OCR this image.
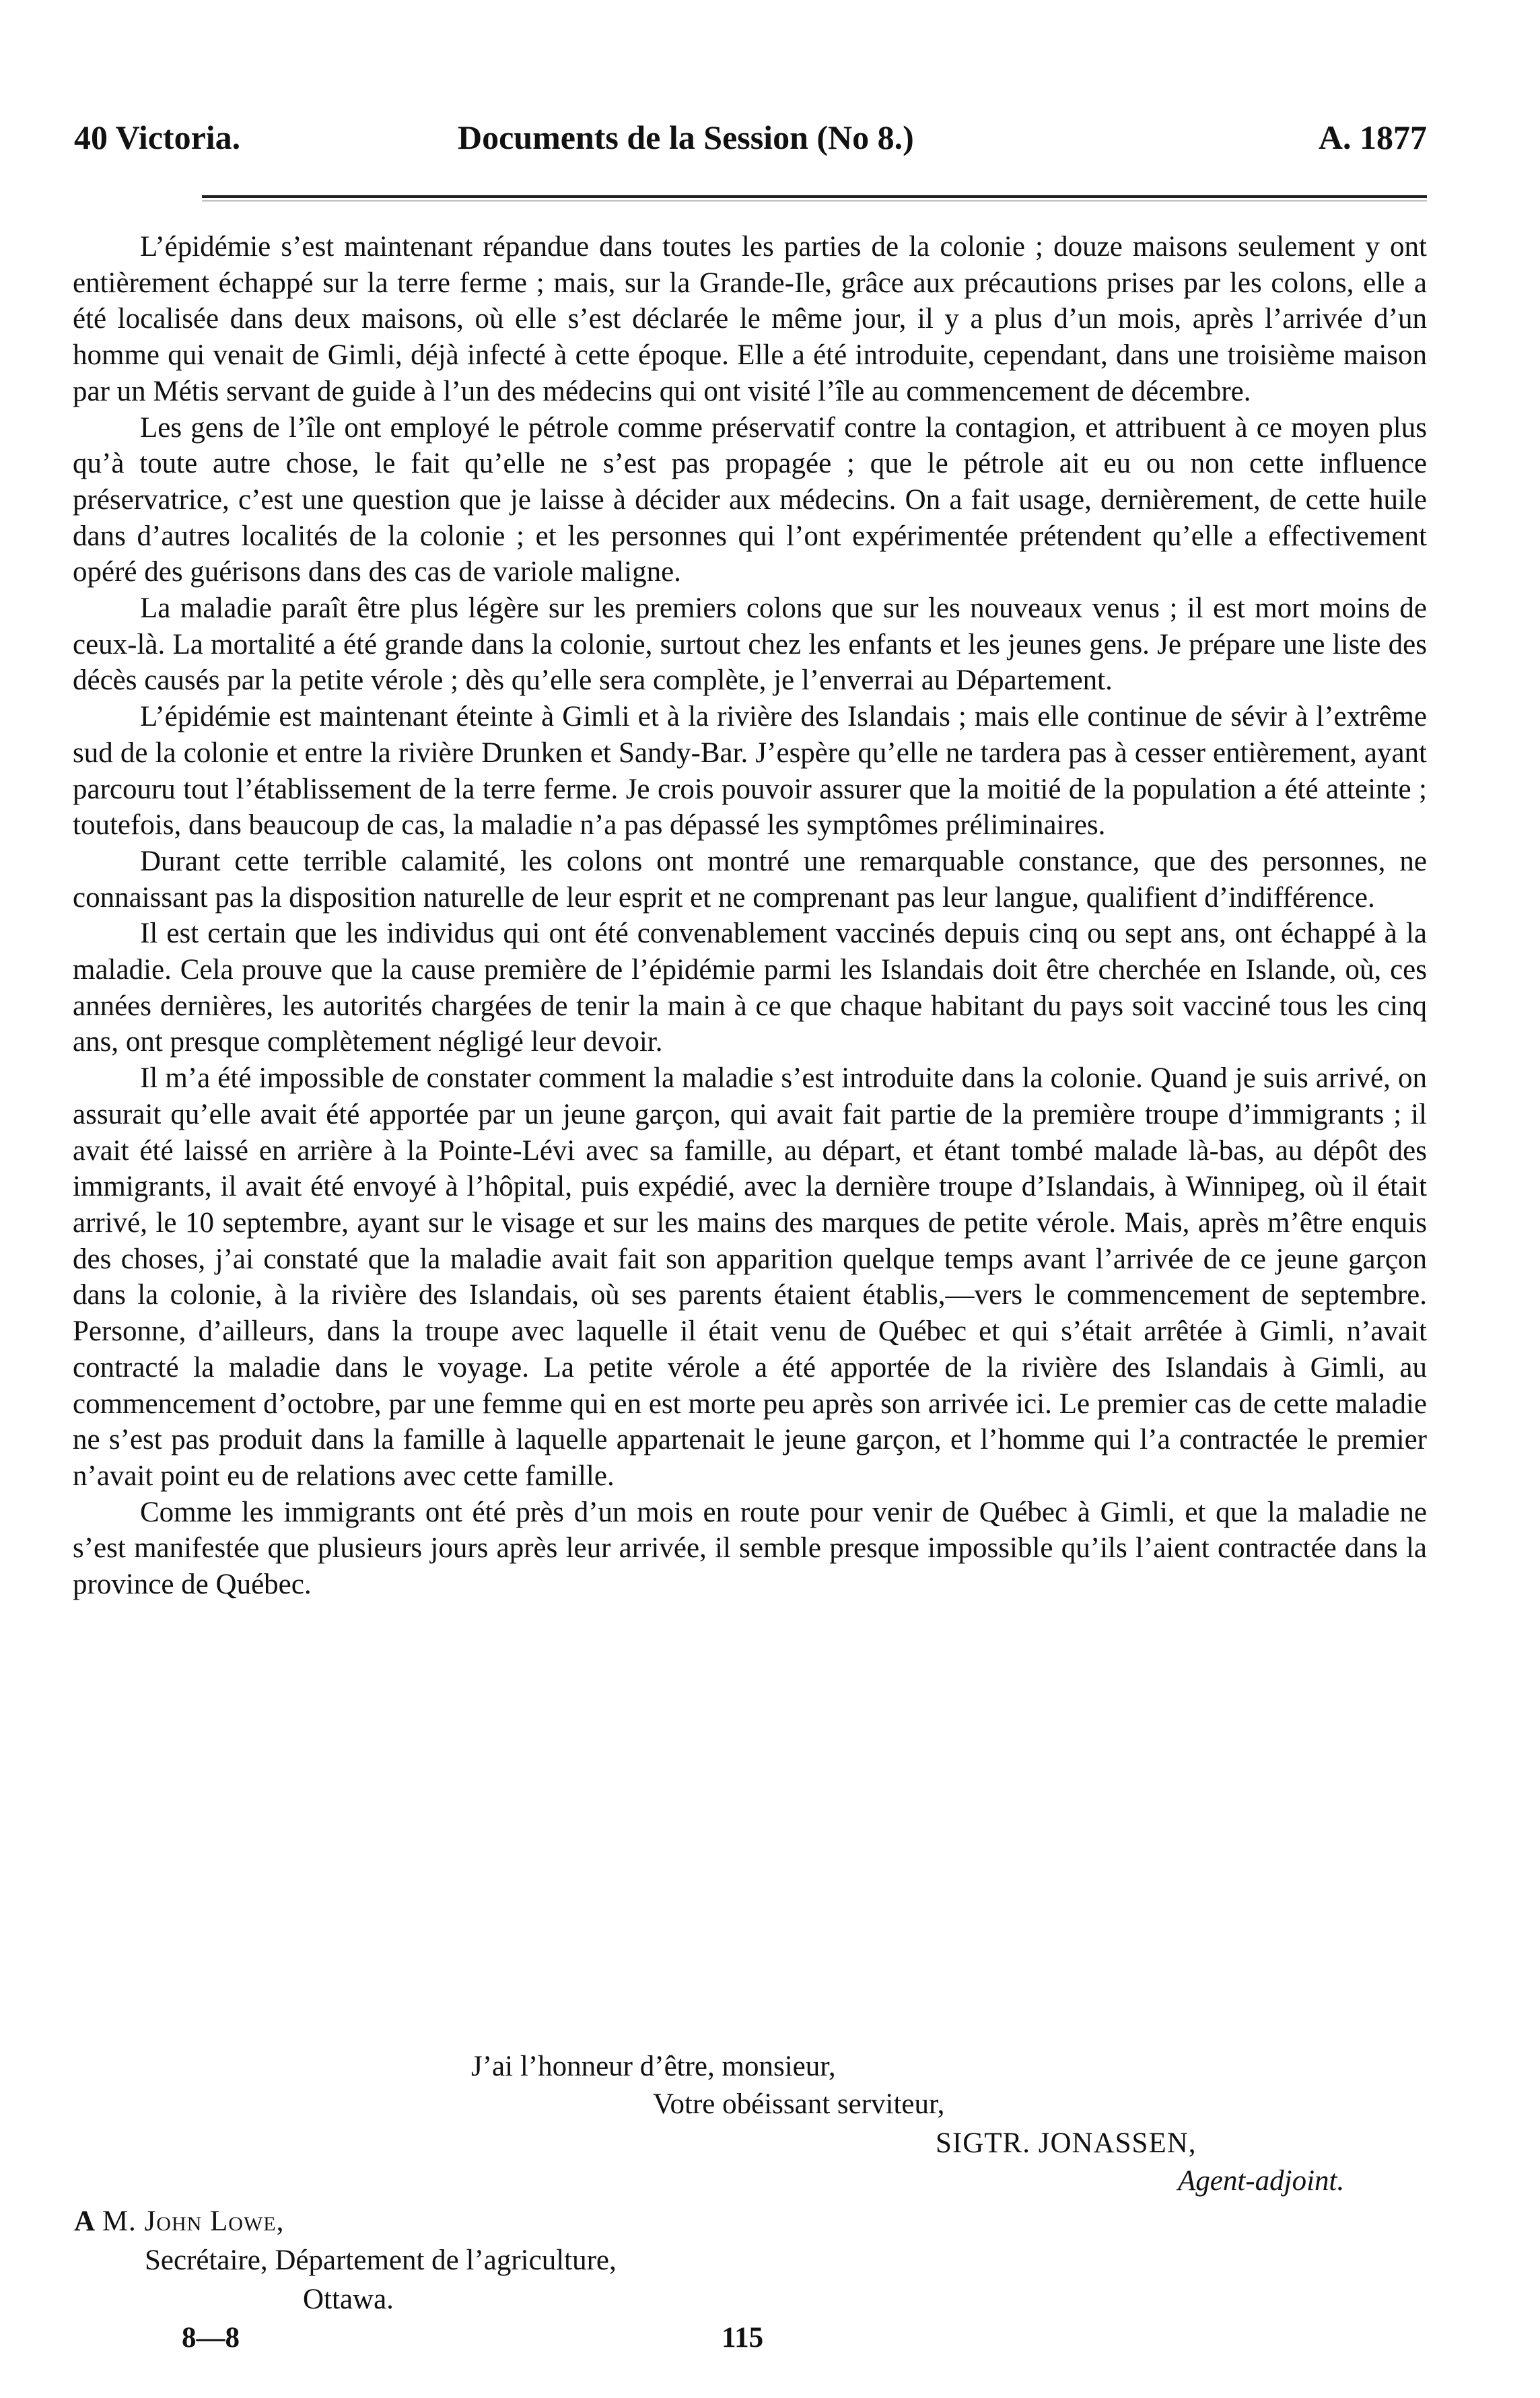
40 Victoria.	Documents de la Session (No 8.)	A. 1877

L’épidémie s’est maintenant répandue dans toutes les parties de la colonie ; douze maisons seulement y ont entièrement échappé sur la terre ferme ; mais, sur la Grande-Ile, grâce aux précautions prises par les colons, elle a été localisée dans deux maisons, où elle s’est déclarée le même jour, il y a plus d’un mois, après l’arrivée d’un homme qui venait de Gimli, déjà infecté à cette époque. Elle a été introduite, cependant, dans une troisième maison par un Métis servant de guide à l’un des médecins qui ont visité l’île au commencement de décembre.

Les gens de l’île ont employé le pétrole comme préservatif contre la contagion, et attribuent à ce moyen plus qu’à toute autre chose, le fait qu’elle ne s’est pas propagée ; que le pétrole ait eu ou non cette influence préservatrice, c’est une question que je laisse à décider aux médecins. On a fait usage, dernièrement, de cette huile dans d’autres localités de la colonie ; et les personnes qui l’ont expérimentée prétendent qu’elle a effectivement opéré des guérisons dans des cas de variole maligne.

La maladie paraît être plus légère sur les premiers colons que sur les nouveaux venus ; il est mort moins de ceux-là. La mortalité a été grande dans la colonie, surtout chez les enfants et les jeunes gens. Je prépare une liste des décès causés par la petite vérole ; dès qu’elle sera complète, je l’enverrai au Département.

L’épidémie est maintenant éteinte à Gimli et à la rivière des Islandais ; mais elle continue de sévir à l’extrême sud de la colonie et entre la rivière Drunken et Sandy-Bar. J’espère qu’elle ne tardera pas à cesser entièrement, ayant parcouru tout l’établissement de la terre ferme. Je crois pouvoir assurer que la moitié de la population a été atteinte ; toutefois, dans beaucoup de cas, la maladie n’a pas dépassé les symptômes préliminaires.

Durant cette terrible calamité, les colons ont montré une remarquable constance, que des personnes, ne connaissant pas la disposition naturelle de leur esprit et ne comprenant pas leur langue, qualifient d’indifférence.

Il est certain que les individus qui ont été convenablement vaccinés depuis cinq ou sept ans, ont échappé à la maladie. Cela prouve que la cause première de l’épidémie parmi les Islandais doit être cherchée en Islande, où, ces années dernières, les autorités chargées de tenir la main à ce que chaque habitant du pays soit vacciné tous les cinq ans, ont presque complètement négligé leur devoir.

Il m’a été impossible de constater comment la maladie s’est introduite dans la colonie. Quand je suis arrivé, on assurait qu’elle avait été apportée par un jeune garçon, qui avait fait partie de la première troupe d’immigrants ; il avait été laissé en arrière à la Pointe-Lévi avec sa famille, au départ, et étant tombé malade là-bas, au dépôt des immigrants, il avait été envoyé à l’hôpital, puis expédié, avec la dernière troupe d’Islandais, à Winnipeg, où il était arrivé, le 10 septembre, ayant sur le visage et sur les mains des marques de petite vérole. Mais, après m’être enquis des choses, j’ai constaté que la maladie avait fait son apparition quelque temps avant l’arrivée de ce jeune garçon dans la colonie, à la rivière des Islandais, où ses parents étaient établis,—vers le commencement de septembre. Personne, d’ailleurs, dans la troupe avec laquelle il était venu de Québec et qui s’était arrêtée à Gimli, n’avait contracté la maladie dans le voyage. La petite vérole a été apportée de la rivière des Islandais à Gimli, au commencement d’octobre, par une femme qui en est morte peu après son arrivée ici. Le premier cas de cette maladie ne s’est pas produit dans la famille à laquelle appartenait le jeune garçon, et l’homme qui l’a contractée le premier n’avait point eu de relations avec cette famille.

Comme les immigrants ont été près d’un mois en route pour venir de Québec à Gimli, et que la maladie ne s’est manifestée que plusieurs jours après leur arrivée, il semble presque impossible qu’ils l’aient contractée dans la province de Québec.

J’ai l’honneur d’être, monsieur,
Votre obéissant serviteur,
SIGTR. JONASSEN,
Agent-adjoint.
A M. John Lowe,
Secrétaire, Département de l’agriculture,
Ottawa.
8—8	115
